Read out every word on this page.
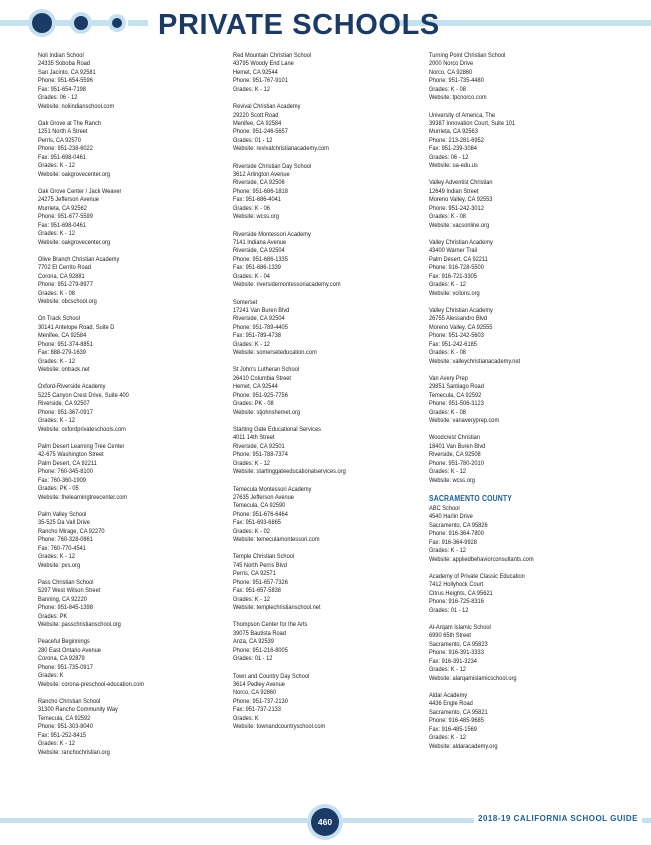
PRIVATE SCHOOLS
Noli Indian School
24335 Soboba Road
San Jacinto, CA 92581
Phone: 951-654-5596
Fax: 951-654-7198
Grades: 06 - 12
Website: noliindianschool.com
Oak Grove at The Ranch
1251 North A Street
Perris, CA 92570
Phone: 951-238-6022
Fax: 951-698-0461
Grades: K - 12
Website: oakgrovecenter.org
Oak Grove Center / Jack Weaver
24275 Jefferson Avenue
Murrieta, CA 92562
Phone: 951-677-5599
Fax: 951-698-0461
Grades: K - 12
Website: oakgrovecenter.org
Olive Branch Christian Academy
7702 El Cerrito Road
Corona, CA 92881
Phone: 951-279-8977
Grades: K - 08
Website: obcschool.org
On Track School
30141 Antelope Road, Suite D
Menifee, CA 92584
Phone: 951-374-8851
Fax: 888-279-1639
Grades: K - 12
Website: ontrack.net
Oxford-Riverside Academy
5225 Canyon Crest Drive, Suite 400
Riverside, CA 92507
Phone: 951-367-0917
Grades: K - 12
Website: oxfordprivateschools.com
Palm Desert Learning Tree Center
42-675 Washington Street
Palm Desert, CA 92211
Phone: 760-345-8100
Fax: 760-360-1909
Grades: PK - 05
Website: thelearningtreecenter.com
Palm Valley School
35-525 Da Vall Drive
Rancho Mirage, CA 92270
Phone: 760-328-0861
Fax: 760-770-4541
Grades: K - 12
Website: pvs.org
Pass Christian School
5297 West Wilson Street
Banning, CA 92220
Phone: 951-845-1398
Grades: PK
Website: passchristianschool.org
Peaceful Beginnings
280 East Ontario Avenue
Corona, CA 92879
Phone: 951-735-0917
Grades: K
Website: corona-preschool-education.com
Rancho Christian School
31300 Rancho Community Way
Temecula, CA 92592
Phone: 951-303-8040
Fax: 951-252-8415
Grades: K - 12
Website: ranchochristian.org
Red Mountain Christian School
43795 Woody End Lane
Hemet, CA 92544
Phone: 951-767-9101
Grades: K - 12
Revival Christian Academy
29220 Scott Road
Menifee, CA 92584
Phone: 951-246-5657
Grades: 01 - 12
Website: revivalchristianacademy.com
Riverside Christian Day School
3612 Arlington Avenue
Riverside, CA 92506
Phone: 951-686-1818
Fax: 951-686-4041
Grades: K - 06
Website: wcss.org
Riverside Montessori Academy
7141 Indiana Avenue
Riverside, CA 92504
Phone: 951-686-1335
Fax: 951-686-1339
Grades: K - 04
Website: riversidemontessoriacademy.com
Somerset
17241 Van Buren Blvd
Riverside, CA 92504
Phone: 951-789-4405
Fax: 951-789-4738
Grades: K - 12
Website: somerseteducation.com
St John's Lutheran School
26410 Columbia Street
Hemet, CA 92544
Phone: 951-925-7756
Grades: PK - 08
Website: stjohnshemet.org
Starting Gate Educational Services
4011 14th Street
Riverside, CA 92501
Phone: 951-788-7374
Grades: K - 12
Website: startinggateeducationalservices.org
Temecula Montessori Academy
27635 Jefferson Avenue
Temecula, CA 92590
Phone: 951-676-6464
Fax: 951-693-6865
Grades: K - 02
Website: temeculamontessori.com
Temple Christian School
745 North Perris Blvd
Perris, CA 92571
Phone: 951-657-7326
Fax: 951-657-5838
Grades: K - 12
Website: templechristianschool.net
Thompson Center for the Arts
39075 Bautista Road
Anza, CA 92539
Phone: 951-216-8005
Grades: 01 - 12
Town and Country Day School
3614 Pedley Avenue
Norco, CA 92860
Phone: 951-737-2130
Fax: 951-737-2133
Grades: K
Website: townandcountryschool.com
Turning Point Christian School
2000 Norco Drive
Norco, CA 92860
Phone: 951-735-4480
Grades: K - 08
Website: tpcnorco.com
University of America, The
39387 Innovation Court, Suite 101
Murrieta, CA 92563
Phone: 213-281-6952
Fax: 951-239-3084
Grades: 06 - 12
Website: ua-edu.us
Valley Adventist Christian
12649 Indian Street
Moreno Valley, CA 92553
Phone: 951-242-3012
Grades: K - 08
Website: vacsonline.org
Valley Christian Academy
43400 Warner Trail
Palm Desert, CA 92211
Phone: 916-728-5500
Fax: 916-721-3305
Grades: K - 12
Website: vcilons.org
Valley Christian Academy
26755 Alessandro Blvd
Moreno Valley, CA 92555
Phone: 951-242-5603
Fax: 951-242-6185
Grades: K - 08
Website: valleychristianacademy.net
Van Avery Prep
29851 Santiago Road
Temecula, CA 92592
Phone: 951-506-3123
Grades: K - 08
Website: vanaveryprep.com
Woodcrest Christian
18401 Van Buren Blvd
Riverside, CA 92508
Phone: 951-780-2010
Grades: K - 12
Website: wcss.org
SACRAMENTO COUNTY
ABC School
4540 Harlin Drive
Sacramento, CA 95826
Phone: 916-364-7800
Fax: 916-364-9928
Grades: K - 12
Website: appliedbehaviorconsultants.com
Academy of Private Classic Education
7412 Hollyhock Court
Citrus Heights, CA 95621
Phone: 916-725-8316
Grades: 01 - 12
Al-Arqam Islamic School
6990 65th Street
Sacramento, CA 95823
Phone: 916-391-3333
Fax: 916-391-3234
Grades: K - 12
Website: alarqamislamicschool.org
Aldar Academy
4436 Engle Road
Sacramento, CA 95821
Phone: 916-485-9685
Fax: 916-485-1569
Grades: K - 12
Website: aldaracademy.org
460	2018-19 CALIFORNIA SCHOOL GUIDE
